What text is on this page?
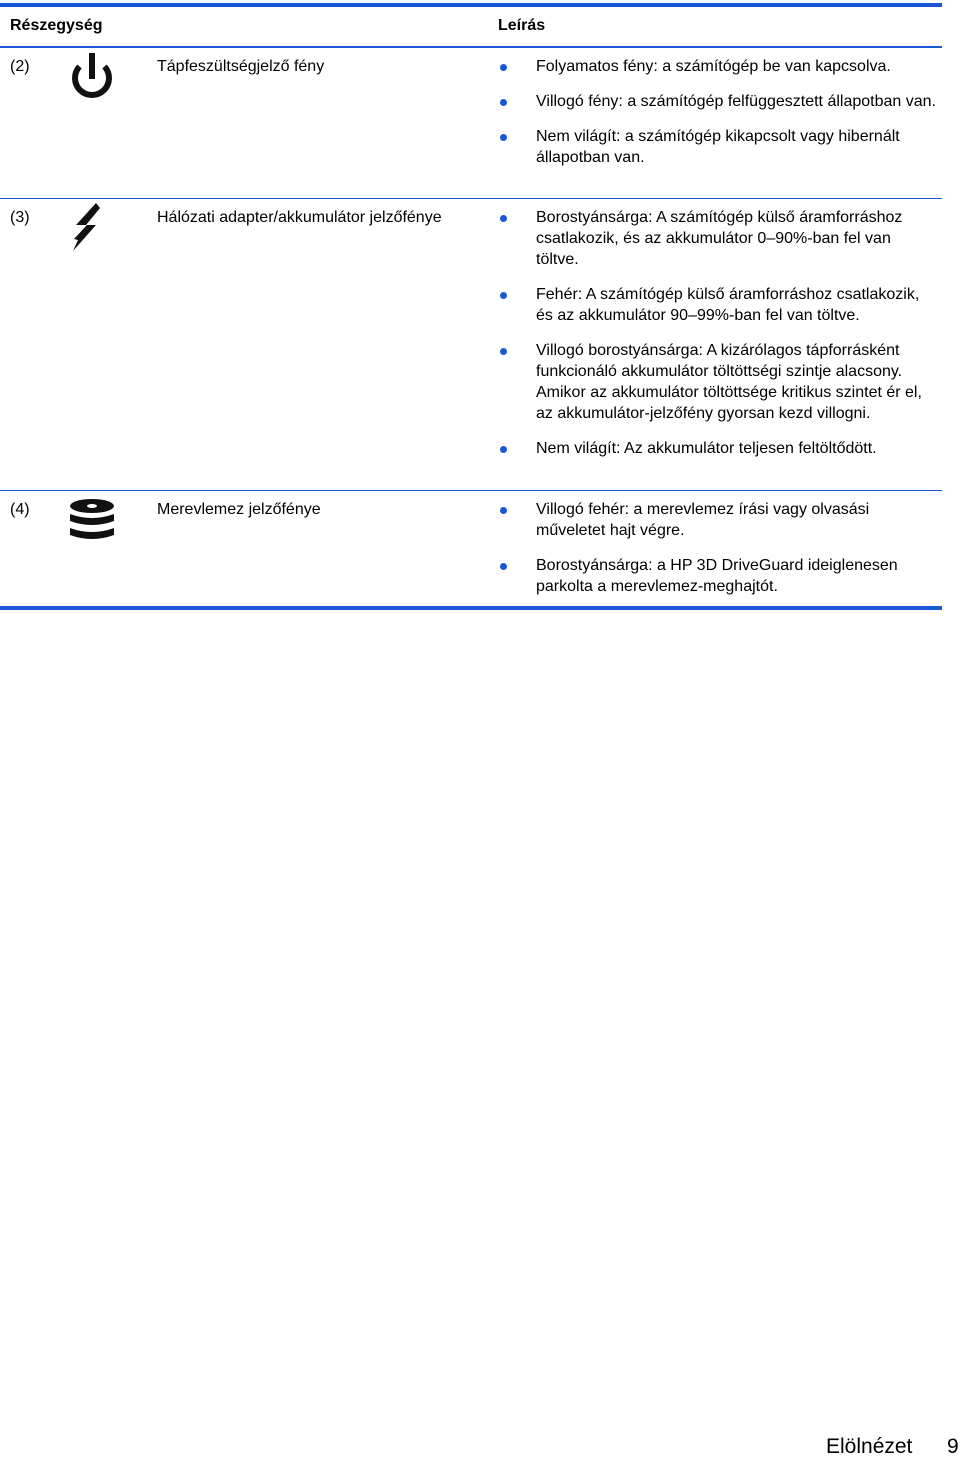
Részegység	Leírás
(2)	Tápfeszültségjelző fény	Folyamatos fény: a számítógép be van kapcsolva.
Villogó fény: a számítógép felfüggesztett állapotban van.
Nem világít: a számítógép kikapcsolt vagy hibernált állapotban van.
(3)	Hálózati adapter/akkumulátor jelzőfénye	Borostyánsárga: A számítógép külső áramforráshoz csatlakozik, és az akkumulátor 0–90%-ban fel van töltve.
Fehér: A számítógép külső áramforráshoz csatlakozik, és az akkumulátor 90–99%-ban fel van töltve.
Villogó borostyánsárga: A kizárólagos tápforrásként funkcionáló akkumulátor töltöttségi szintje alacsony. Amikor az akkumulátor töltöttsége kritikus szintet ér el, az akkumulátor-jelzőfény gyorsan kezd villogni.
Nem világít: Az akkumulátor teljesen feltöltődött.
(4)	Merevlemez jelzőfénye	Villogó fehér: a merevlemez írási vagy olvasási műveletet hajt végre.
Borostyánsárga: a HP 3D DriveGuard ideiglenesen parkolta a merevlemez-meghajtót.
Elölnézet 9
